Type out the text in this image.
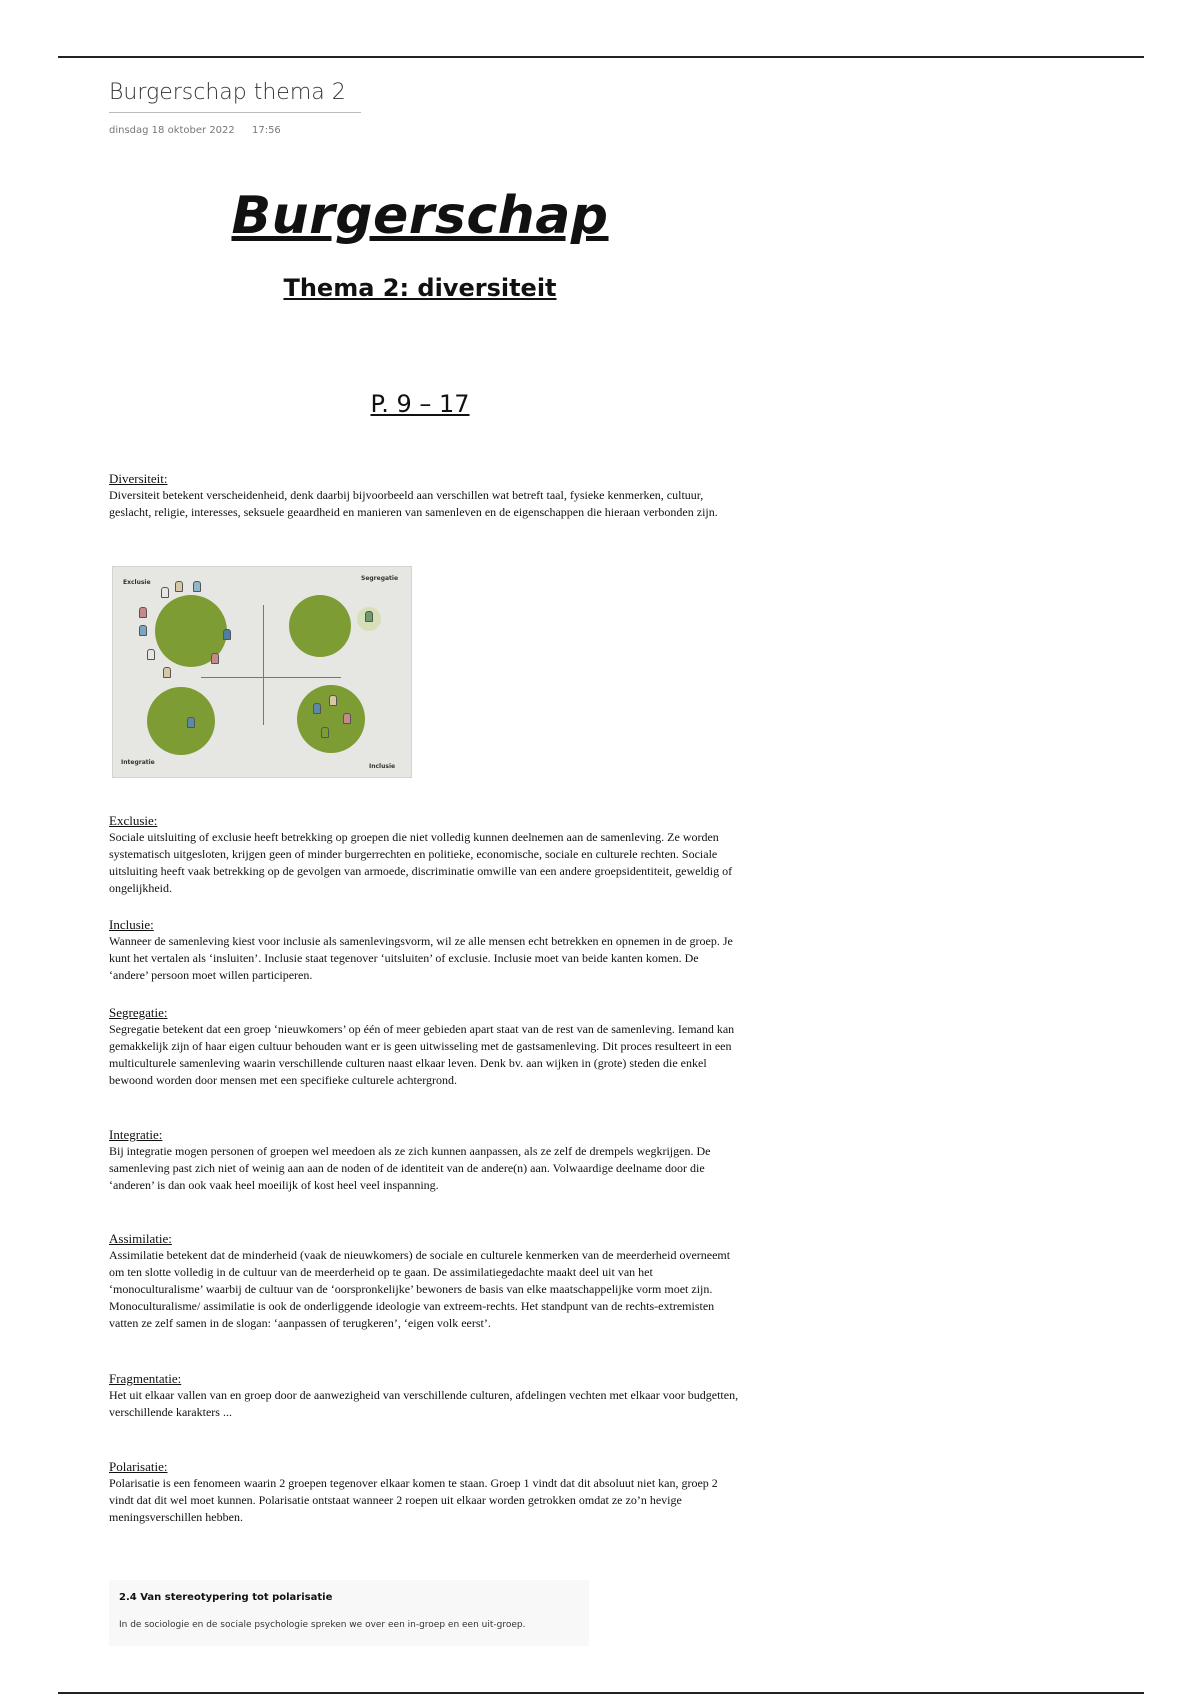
Burgerschap thema 2
dinsdag 18 oktober 2022 17:56
Burgerschap
Thema 2: diversiteit
P. 9 – 17
Diversiteit:
Diversiteit betekent verscheidenheid, denk daarbij bijvoorbeeld aan verschillen wat betreft taal, fysieke kenmerken, cultuur, geslacht, religie, interesses, seksuele geaardheid en manieren van samenleven en de eigenschappen die hieraan verbonden zijn.
Exclusie
Segregatie
Integratie
Inclusie
Exclusie:
Sociale uitsluiting of exclusie heeft betrekking op groepen die niet volledig kunnen deelnemen aan de samenleving. Ze worden systematisch uitgesloten, krijgen geen of minder burgerrechten en politieke, economische, sociale en culturele rechten. Sociale uitsluiting heeft vaak betrekking op de gevolgen van armoede, discriminatie omwille van een andere groepsidentiteit, geweldig of ongelijkheid.
Inclusie:
Wanneer de samenleving kiest voor inclusie als samenlevingsvorm, wil ze alle mensen echt betrekken en opnemen in de groep. Je kunt het vertalen als ‘insluiten’. Inclusie staat tegenover ‘uitsluiten’ of exclusie. Inclusie moet van beide kanten komen. De ‘andere’ persoon moet willen participeren.
Segregatie:
Segregatie betekent dat een groep ‘nieuwkomers’ op één of meer gebieden apart staat van de rest van de samenleving. Iemand kan gemakkelijk zijn of haar eigen cultuur behouden want er is geen uitwisseling met de gastsamenleving. Dit proces resulteert in een multiculturele samenleving waarin verschillende culturen naast elkaar leven. Denk bv. aan wijken in (grote) steden die enkel bewoond worden door mensen met een specifieke culturele achtergrond.
Integratie:
Bij integratie mogen personen of groepen wel meedoen als ze zich kunnen aanpassen, als ze zelf de drempels wegkrijgen. De samenleving past zich niet of weinig aan aan de noden of de identiteit van de andere(n) aan. Volwaardige deelname door die ‘anderen’ is dan ook vaak heel moeilijk of kost heel veel inspanning.
Assimilatie:
Assimilatie betekent dat de minderheid (vaak de nieuwkomers) de sociale en culturele kenmerken van de meerderheid overneemt om ten slotte volledig in de cultuur van de meerderheid op te gaan. De assimilatiegedachte maakt deel uit van het ‘monoculturalisme’ waarbij de cultuur van de ‘oorspronkelijke’ bewoners de basis van elke maatschappelijke vorm moet zijn. Monoculturalisme/ assimilatie is ook de onderliggende ideologie van extreem-rechts. Het standpunt van de rechts-extremisten vatten ze zelf samen in de slogan: ‘aanpassen of terugkeren’, ‘eigen volk eerst’.
Fragmentatie:
Het uit elkaar vallen van en groep door de aanwezigheid van verschillende culturen, afdelingen vechten met elkaar voor budgetten, verschillende karakters ...
Polarisatie:
Polarisatie is een fenomeen waarin 2 groepen tegenover elkaar komen te staan. Groep 1 vindt dat dit absoluut niet kan, groep 2 vindt dat dit wel moet kunnen. Polarisatie ontstaat wanneer 2 roepen uit elkaar worden getrokken omdat ze zo’n hevige meningsverschillen hebben.
2.4 Van stereotypering tot polarisatie
In de sociologie en de sociale psychologie spreken we over een in-groep en een uit-groep.
